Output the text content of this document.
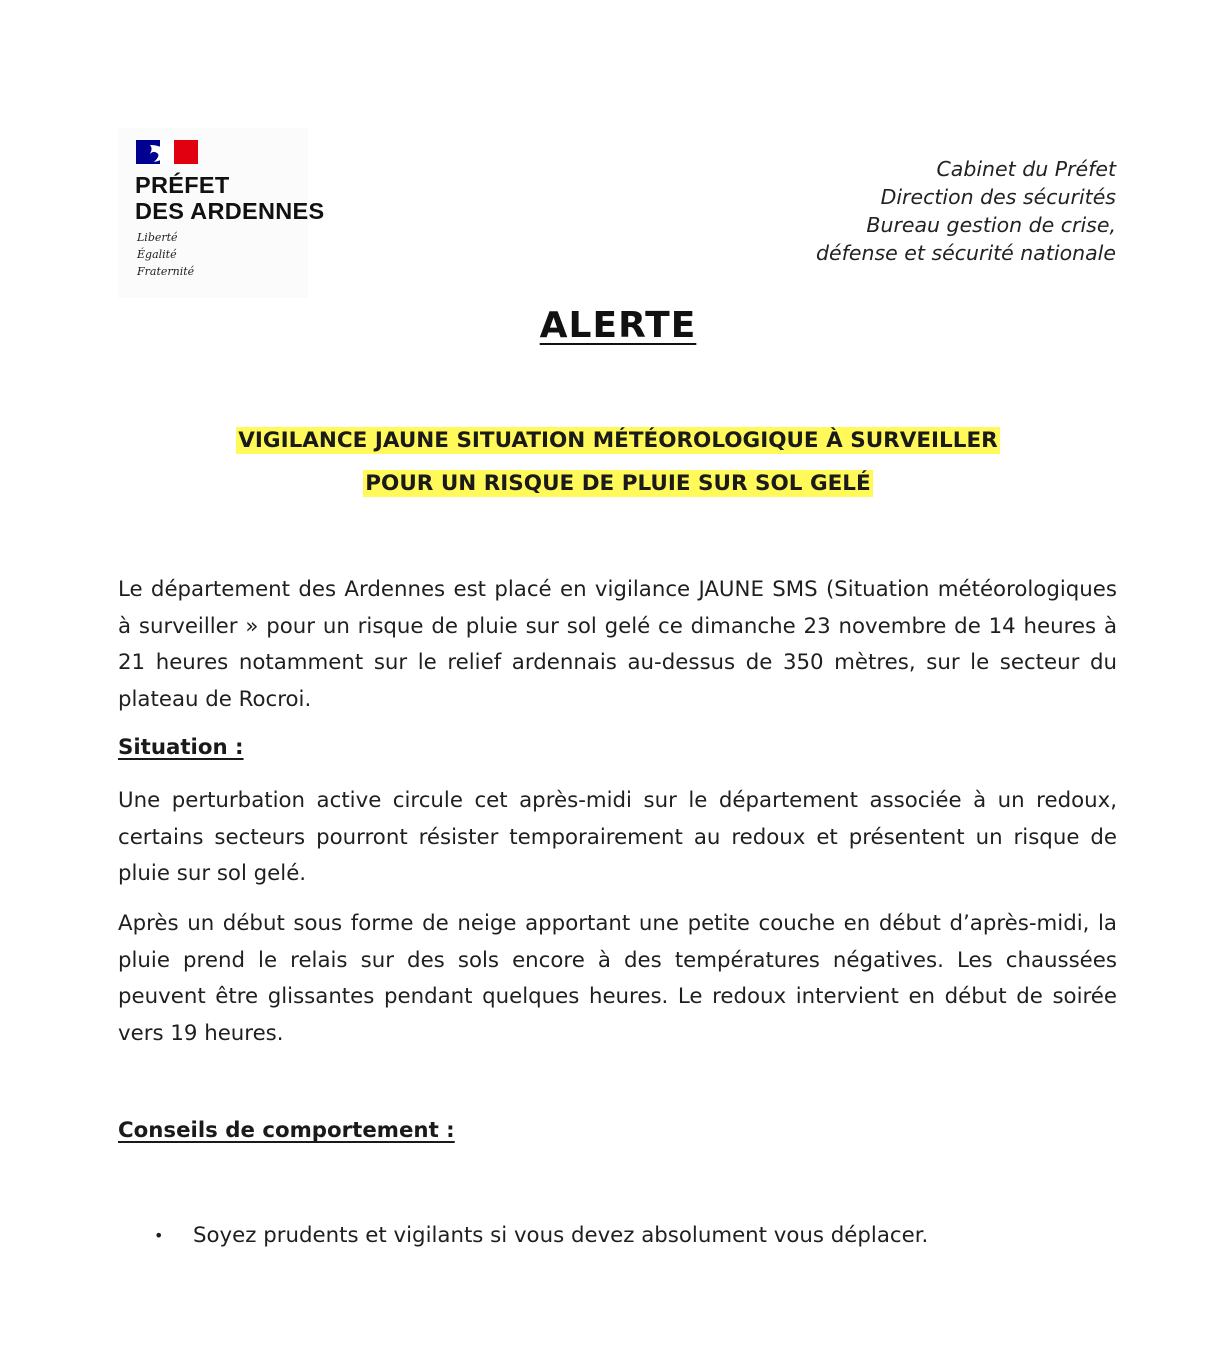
PRÉFET
DES ARDENNES
Liberté
Égalité
Fraternité
Cabinet du Préfet
Direction des sécurités
Bureau gestion de crise,
défense et sécurité nationale
ALERTE
VIGILANCE JAUNE SITUATION MÉTÉOROLOGIQUE À SURVEILLER
POUR UN RISQUE DE PLUIE SUR SOL GELÉ
Le département des Ardennes est placé en vigilance JAUNE SMS (Situation météorologiques à surveiller » pour un risque de pluie sur sol gelé ce dimanche 23 novembre de 14 heures à 21 heures notamment sur le relief ardennais au-dessus de 350 mètres, sur le secteur du plateau de Rocroi.
Situation :
Une perturbation active circule cet après-midi sur le département associée à un redoux, certains secteurs pourront résister temporairement au redoux et présentent un risque de pluie sur sol gelé.
Après un début sous forme de neige apportant une petite couche en début d’après-midi, la pluie prend le relais sur des sols encore à des températures négatives. Les chaussées peuvent être glissantes pendant quelques heures. Le redoux intervient en début de soirée vers 19 heures.
Conseils de comportement :
• Soyez prudents et vigilants si vous devez absolument vous déplacer.
